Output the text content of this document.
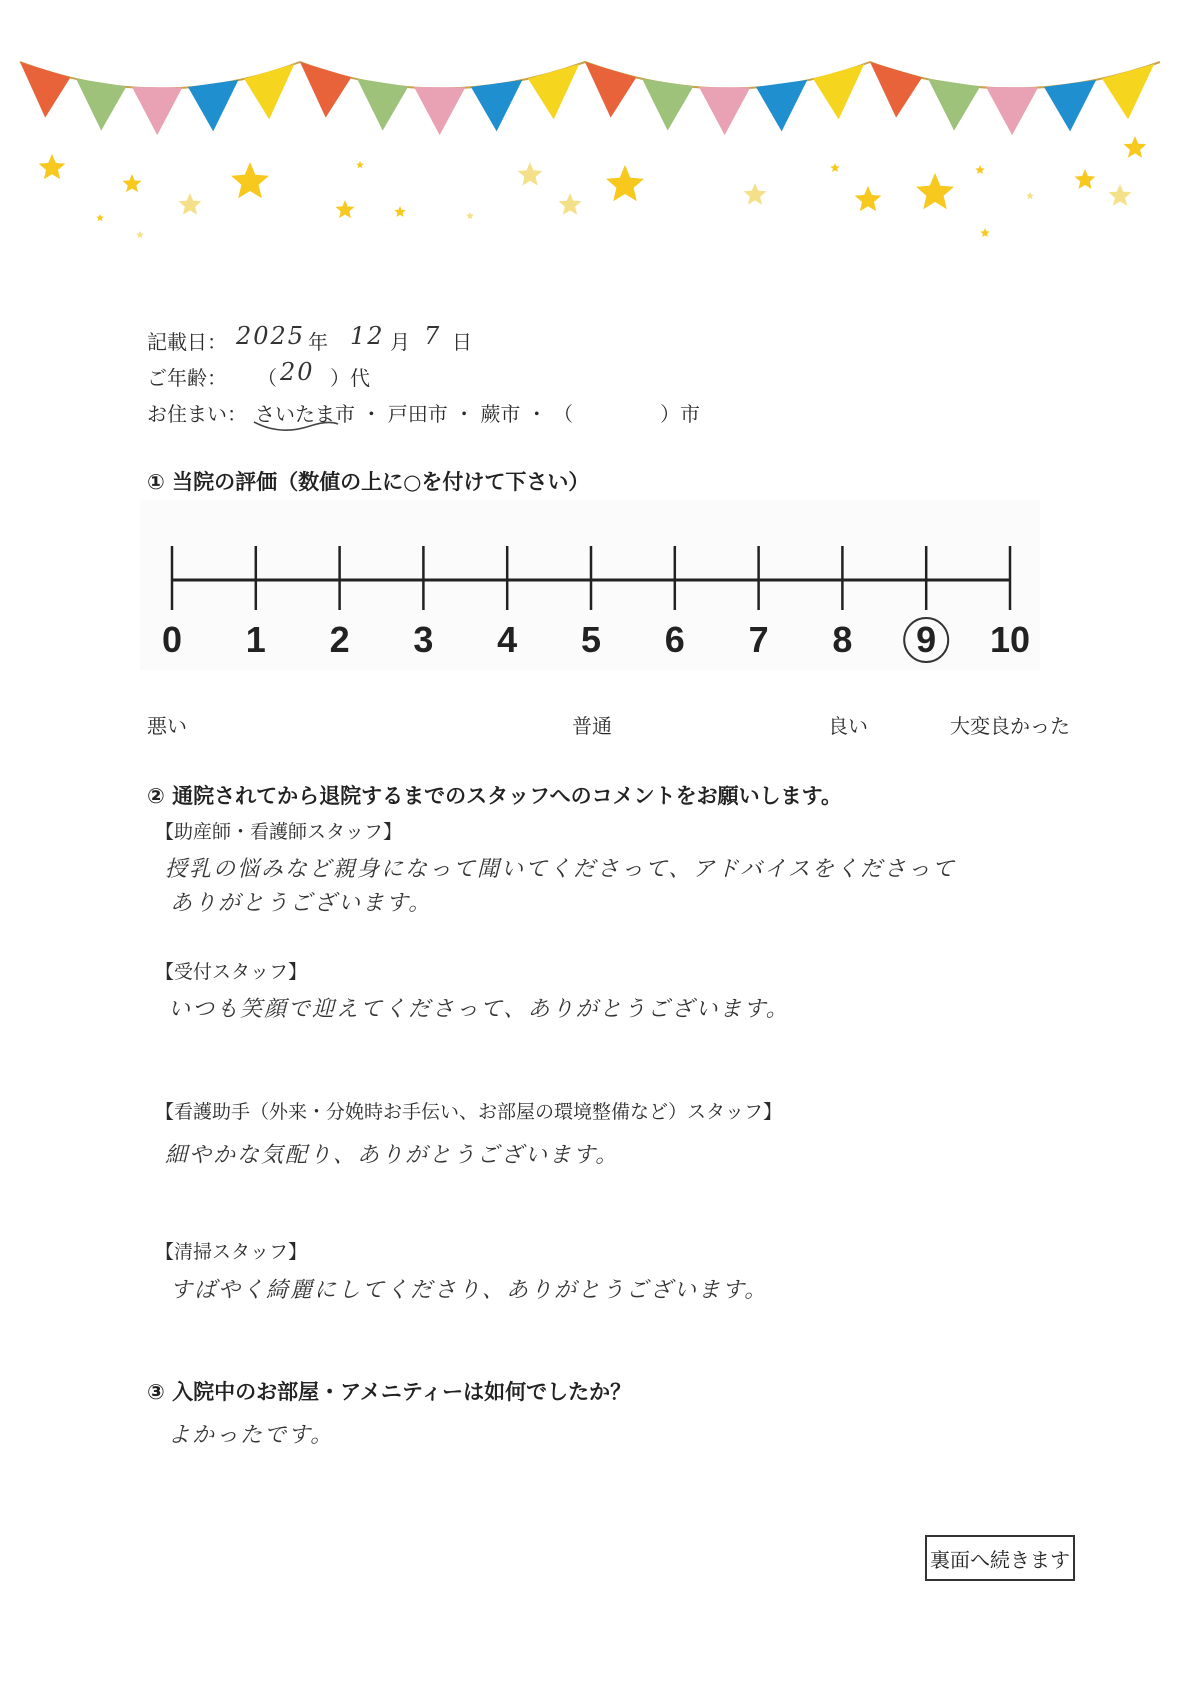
記載日： 2025 年 12 月 7 日
ご年齢： （ 20 ）代
お住まい： さいたま市 ・ 戸田市 ・ 蕨市 ・ （	）市
① 当院の評価（数値の上に○を付けて下さい）
0 1 2 3 4 5 6 7 8 9 10
悪い	普通	良い	大変良かった
② 通院されてから退院するまでのスタッフへのコメントをお願いします。
【助産師・看護師スタッフ】
授乳の悩みなど親身になって聞いてくださって、アドバイスをくださって
ありがとうございます。
【受付スタッフ】
いつも笑顔で迎えてくださって、ありがとうございます。
【看護助手（外来・分娩時お手伝い、お部屋の環境整備など）スタッフ】
細やかな気配り、ありがとうございます。
【清掃スタッフ】
すばやく綺麗にしてくださり、ありがとうございます。
③ 入院中のお部屋・アメニティーは如何でしたか？
よかったです。
裏面へ続きます
